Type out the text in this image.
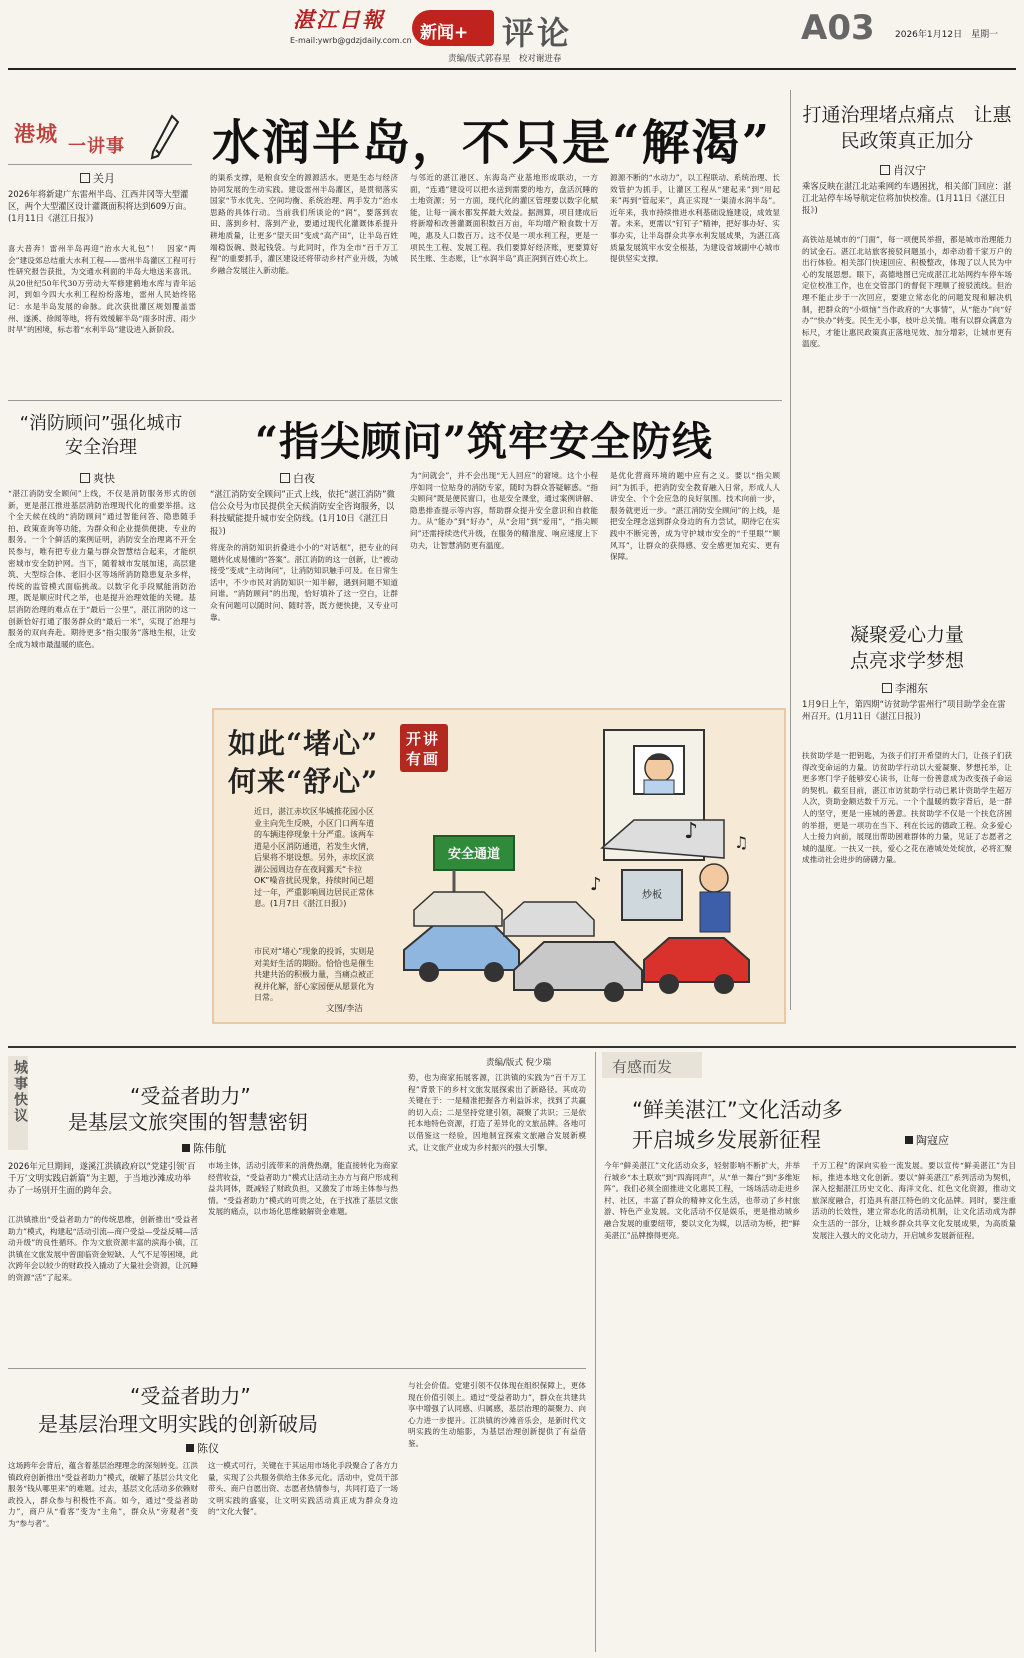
湛江日報
E-mail:ywrb@gdzjdaily.com.cn 新闻+ 评论
责编/版式郭春星　校对谢进春
A03 2026年1月12日　星期一
港城
一讲事 水润半岛，不只是“解渴”
关月
2026年将新建广东雷州半岛、江西井冈等大型灌区，两个大型灌区设计灌溉面积将达到609万亩。(1月11日《湛江日报》)
喜大普奔！雷州半岛再迎“治水大礼包”！　因家“两会”建设郊总结重大水利工程——雷州半岛灌区工程可行性研究报告获批，为交通水利面的半岛大地送来喜讯。从20世纪50年代30万劳动大军修建鹤地水库与青年运河，到如今四大水利工程纷纷落地，雷州人民始终铭记：水是半岛发展的命脉。此次获批灌区规划覆盖雷州、遂溪、徐闻等地，将有效缓解半岛“雨多时涝、雨少时旱”的困境，标志着“水利半岛”建设进入新阶段。
的渠系支撑，是粮食安全的源源活水。更是生态与经济协同发展的生动实践。建设雷州半岛灌区，是贯彻落实国家“节水优先、空间均衡、系统治理、两手发力”治水思路的具体行动。当前我们所谈论的“润”，要落到农田、落到乡村、落到产业，要通过现代化灌溉体系提升耕地质量，让更多“望天田”变成“高产田”，让半岛百姓端稳饭碗、鼓起钱袋。与此同时，作为全市“百千万工程”的重要抓手，灌区建设还将带动乡村产业升级，为城乡融合发展注入新动能。
与邻近的湛江港区、东海岛产业基地形成联动，一方面，“连通”建设可以把水送到需要的地方，盘活沉睡的土地资源；另一方面，现代化的灌区管理要以数字化赋能，让每一滴水都发挥最大效益。据测算，项目建成后将新增和改善灌溉面积数百万亩，年均增产粮食数十万吨，惠及人口数百万。这不仅是一项水利工程，更是一项民生工程、发展工程。我们要算好经济账，更要算好民生账、生态账，让“水润半岛”真正润到百姓心坎上。
源源不断的“水动力”，以工程联动、系统治理、长效管护为抓手，让灌区工程从“建起来”到“用起来”再到“管起来”，真正实现“一渠清水润半岛”。近年来，我市持续推进水利基础设施建设，成效显著。未来，更需以“钉钉子”精神，把好事办好、实事办实，让半岛群众共享水利发展成果，为湛江高质量发展筑牢水安全根基，为建设省域副中心城市提供坚实支撑。
打通治理堵点痛点　让惠民政策真正加分
肖汉宁
乘客反映在湛江北站乘网约车遇困扰，相关部门回应：湛江北站停车场导航定位将加快校准。(1月11日《湛江日报》)
高铁站是城市的“门面”，每一项便民举措，都是城市治理能力的试金石。湛江北站旅客接驳问题虽小，却牵动着千家万户的出行体验。相关部门快速回应、积极整改，体现了以人民为中心的发展思想。眼下，高德地图已完成湛江北站网约车停车场定位校准工作，也在交管部门的督促下理顺了接驳流线。但治理不能止步于一次回应，要建立常态化的问题发现和解决机制，把群众的“小烦恼”当作政府的“大事情”，从“能办”向“好办”“快办”转变。民生无小事，枝叶总关情。唯有以群众满意为标尺，才能让惠民政策真正落地见效、加分增彩，让城市更有温度。
凝聚爱心力量　点亮求学梦想
李湘东
1月9日上午，第四期“访贫助学雷州行”项目助学金在雷州召开。(1月11日《湛江日报》)
扶贫助学是一把钥匙，为孩子们打开希望的大门，让孩子们获得改变命运的力量。访贫助学行动以大爱凝聚、梦想托举，让更多寒门学子能够安心读书，让每一份善意成为改变孩子命运的契机。截至目前，湛江市访贫助学行动已累计资助学生超万人次，资助金额达数千万元。一个个温暖的数字背后，是一群人的坚守，更是一座城的善意。扶贫助学不仅是一个扶危济困的举措，更是一项功在当下、利在长远的德政工程。众多爱心人士接力向前，展现出帮助困难群体的力量，见证了志愿者之城的温度。一扶又一扶，爱心之花在港城处处绽放，必将汇聚成推动社会进步的磅礴力量。
“消防顾问”强化城市安全治理
爽快
“湛江消防安全顾问”上线，不仅是消防服务形式的创新，更是湛江推进基层消防治理现代化的重要举措。这个全天候在线的“消防顾问”通过智能问答、隐患随手拍、政策查询等功能，为群众和企业提供便捷、专业的服务。一个个鲜活的案例证明，消防安全治理离不开全民参与，唯有把专业力量与群众智慧结合起来，才能织密城市安全防护网。当下，随着城市发展加速，高层建筑、大型综合体、老旧小区等场所消防隐患复杂多样，传统的监管模式面临挑战。以数字化手段赋能消防治理，既是顺应时代之举，也是提升治理效能的关键。基层消防治理的难点在于“最后一公里”，湛江消防的这一创新恰好打通了服务群众的“最后一米”，实现了治理与服务的双向奔赴。期待更多“指尖服务”落地生根，让安全成为城市最温暖的底色。
“指尖顾问”筑牢安全防线
白夜
“湛江消防安全顾问”正式上线，依托“湛江消防”微信公众号为市民提供全天候消防安全咨询服务，以科技赋能提升城市安全防线。(1月10日《湛江日报》)
将庞杂的消防知识折叠进小小的“对话框”，把专业的问题转化成易懂的“答案”。湛江消防的这一创新，让“被动接受”变成“主动询问”，让消防知识触手可及。在日常生活中，不少市民对消防知识一知半解，遇到问题不知道问谁。“消防顾问”的出现，恰好填补了这一空白，让群众有问题可以随时问、随时答，既方便快捷，又专业可靠。
为“问就会”，并不会出现“无人回应”的窘境。这个小程序如同一位贴身的消防专家，随时为群众答疑解惑。“指尖顾问”既是便民窗口，也是安全课堂，通过案例讲解、隐患排查提示等内容，帮助群众提升安全意识和自救能力。从“能办”到“好办”，从“会用”到“爱用”，“指尖顾问”还需持续迭代升级，在服务的精准度、响应速度上下功夫，让智慧消防更有温度。
是优化营商环境的题中应有之义。要以“指尖顾问”为抓手，把消防安全教育融入日常，形成人人讲安全、个个会应急的良好氛围。技术向前一步，服务就更近一步。“湛江消防安全顾问”的上线，是把安全理念送到群众身边的有力尝试，期待它在实践中不断完善，成为守护城市安全的“千里眼”“顺风耳”，让群众的获得感、安全感更加充实、更有保障。
如此“堵心”
何来“舒心”
近日，湛江赤坎区华城推花园小区业主向先生反映，小区门口两车道的车辆违停现象十分严重。该两车道是小区消防通道，若发生火情，后果将不堪设想。另外，赤坎区滨湖公园周边存在夜间露天“卡拉OK”噪音扰民现象，持续时间已超过一年，严重影响周边居民正常休息。(1月7日《湛江日报》)
市民对“堵心”现象的投诉，实则是对美好生活的期盼。恰恰也是催生共建共治的积极力量，当痛点被正视并化解，舒心家园便从愿景化为日常。
文图/李洁
开讲
有画
安全通道
炒板
♪
♪
♫
城事快议	责编/版式 倪少瑞
“受益者助力”
是基层文旅突围的智慧密钥
陈伟航
2026年元旦期间，遂溪江洪镇政府以“党建引领‘百千万’文明实践启新篇”为主题，于当地沙滩成功举办了一场别开生面的跨年会。
江洪镇推出“受益者助力”的传统思维，创新推出“受益者助力”模式，构建起“活动引流—商户受益—受益反哺—活动升级”的良性循环。作为文旅资源丰富的滨海小镇，江洪镇在文旅发展中曾面临资金短缺、人气不足等困境，此次跨年会以较少的财政投入撬动了大量社会资源，让沉睡的资源“活”了起来。
市场主体，活动引流带来的消费热潮，能直接转化为商家经营收益，“受益者助力”模式让活动主办方与商户形成利益共同体，既减轻了财政负担，又激发了市场主体参与热情。“受益者助力”模式的可贵之处，在于找准了基层文旅发展的痛点，以市场化思维破解资金难题。
势，也为商家拓展客源，江洪镇的实践为“百千万工程”背景下的乡村文旅发展探索出了新路径。其成功关键在于：一是精准把握各方利益诉求，找到了共赢的切入点；二是坚持党建引领，凝聚了共识；三是依托本地特色资源，打造了差异化的文旅品牌。各地可以借鉴这一经验，因地制宜探索文旅融合发展新模式，让文旅产业成为乡村振兴的强大引擎。
“受益者助力”
是基层治理文明实践的创新破局
陈仪
这场跨年会背后，蕴含着基层治理理念的深刻转变。江洪镇政府创新推出“受益者助力”模式，破解了基层公共文化服务“钱从哪里来”的难题。过去，基层文化活动多依赖财政投入，群众参与积极性不高。如今，通过“受益者助力”，商户从“看客”变为“主角”，群众从“旁观者”变为“参与者”。
这一模式可行，关键在于其运用市场化手段聚合了各方力量，实现了公共服务供给主体多元化。活动中，党员干部带头、商户自愿出资、志愿者热情参与，共同打造了一场文明实践的盛宴，让文明实践活动真正成为群众身边的“文化大餐”。
与社会价值。党建引领不仅体现在组织保障上，更体现在价值引领上。通过“受益者助力”，群众在共建共享中增强了认同感、归属感，基层治理的凝聚力、向心力进一步提升。江洪镇的沙滩音乐会，是新时代文明实践的生动缩影，为基层治理创新提供了有益借鉴。
有感而发
“鲜美湛江”文化活动多
开启城乡发展新征程	陶寇应
今年“鲜美湛江”文化活动众多，轻射影响不断扩大，并举行城乡“本土联欢”到“四海同声”，从“单一舞台”到“多维矩阵”。我们必须全面推进文化惠民工程，一场场活动走进乡村、社区，丰富了群众的精神文化生活，也带动了乡村旅游、特色产业发展。文化活动不仅是娱乐，更是推动城乡融合发展的重要纽带，要以文化为媒，以活动为桥，把“鲜美湛江”品牌擦得更亮。
千万工程”的深向实验一流发展。要以宣传“鲜美湛江”为目标，推进本地文化创新。要以“鲜美湛江”系列活动为契机，深入挖掘湛江历史文化、海洋文化、红色文化资源，推动文旅深度融合，打造具有湛江特色的文化品牌。同时，要注重活动的长效性，建立常态化的活动机制，让文化活动成为群众生活的一部分，让城乡群众共享文化发展成果，为高质量发展注入强大的文化动力，开启城乡发展新征程。
